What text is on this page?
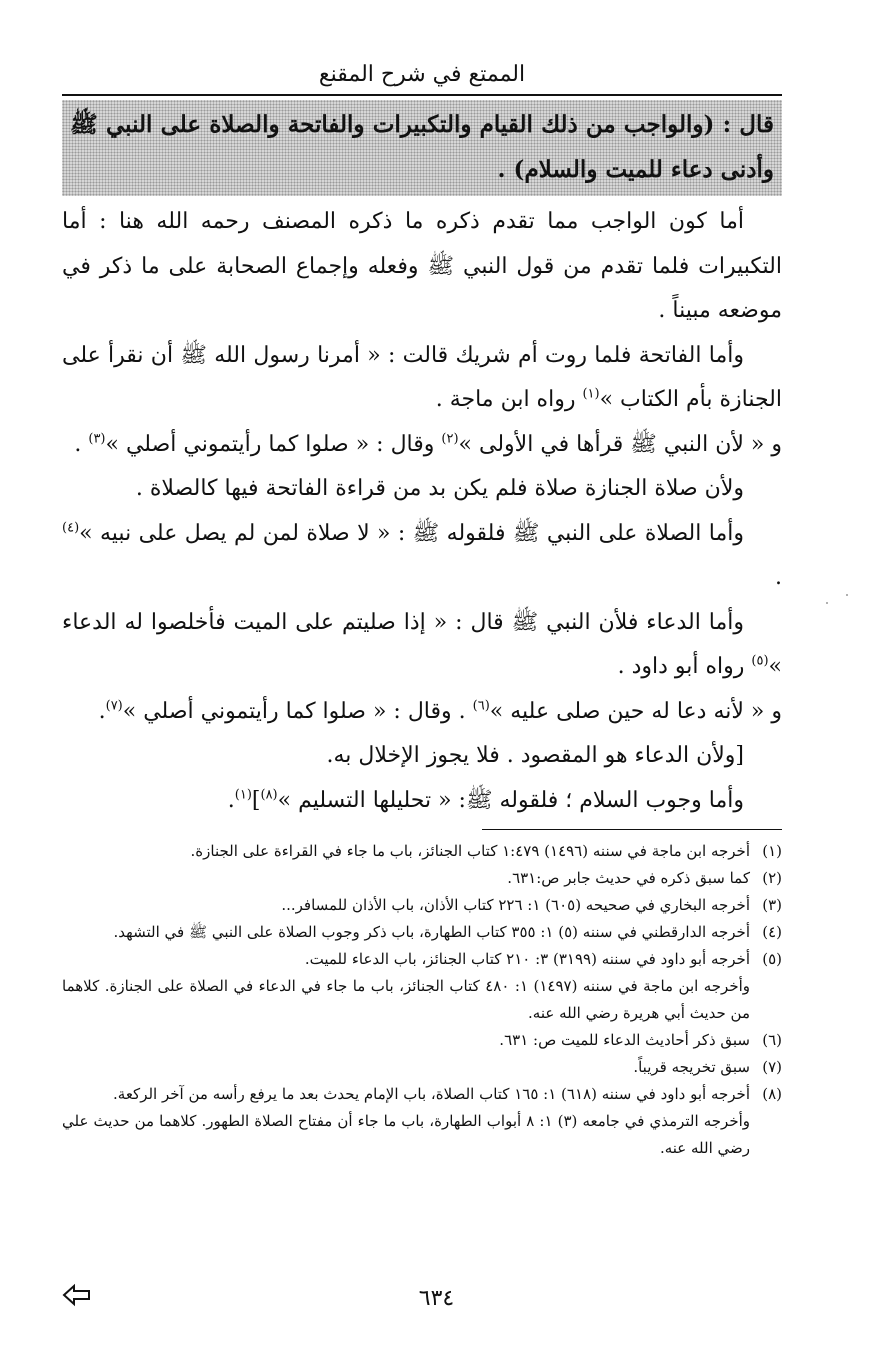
الممتع في شرح المقنع
قال : (والواجب من ذلك القيام والتكبيرات والفاتحة والصلاة على النبي ﷺ وأدنى دعاء للميت والسلام) .

أما كون الواجب مما تقدم ذكره ما ذكره المصنف رحمه الله هنا : أما التكبيرات فلما تقدم من قول النبي ﷺ وفعله وإجماع الصحابة على ما ذكر في موضعه مبيناً .

وأما الفاتحة فلما روت أم شريك قالت : « أمرنا رسول الله ﷺ أن نقرأ على الجنازة بأم الكتاب »$^{(١)}$ رواه ابن ماجة .

و « لأن النبي ﷺ قرأها في الأولى »$^{(٢)}$ وقال : « صلوا كما رأيتموني أصلي »$^{(٣)}$ .

ولأن صلاة الجنازة صلاة فلم يكن بد من قراءة الفاتحة فيها كالصلاة .

وأما الصلاة على النبي ﷺ فلقوله ﷺ : « لا صلاة لمن لم يصل على نبيه »$^{(٤)}$ .

وأما الدعاء فلأن النبي ﷺ قال : « إذا صليتم على الميت فأخلصوا له الدعاء »$^{(٥)}$ رواه أبو داود .

و « لأنه دعا له حين صلى عليه »$^{(٦)}$ . وقال : « صلوا كما رأيتموني أصلي »$^{(٧)}$.

[ولأن الدعاء هو المقصود . فلا يجوز الإخلال به.

وأما وجوب السلام ؛ فلقوله ﷺ: « تحليلها التسليم »$^{(٨)}$]$^{(١)}$.

(١)أخرجه ابن ماجة في سننه (١٤٩٦) ١:٤٧٩ كتاب الجنائز، باب ما جاء في القراءة على الجنازة.

(٢)كما سبق ذكره في حديث جابر ص:٦٣١.

(٣)أخرجه البخاري في صحيحه (٦٠٥) ١: ٢٢٦ كتاب الأذان، باب الأذان للمسافر...

(٤)أخرجه الدارقطني في سننه (٥) ١: ٣٥٥ كتاب الطهارة، باب ذكر وجوب الصلاة على النبي ﷺ في التشهد.

(٥)أخرجه أبو داود في سننه (٣١٩٩) ٣: ٢١٠ كتاب الجنائز، باب الدعاء للميت.

وأخرجه ابن ماجة في سننه (١٤٩٧) ١: ٤٨٠ كتاب الجنائز، باب ما جاء في الدعاء في الصلاة على الجنازة. كلاهما من حديث أبي هريرة رضي الله عنه.

(٦)سبق ذكر أحاديث الدعاء للميت ص: ٦٣١.

(٧)سبق تخريجه قريباً.

(٨)أخرجه أبو داود في سننه (٦١٨) ١: ١٦٥ كتاب الصلاة، باب الإمام يحدث بعد ما يرفع رأسه من آخر الركعة.

وأخرجه الترمذي في جامعه (٣) ١: ٨ أبواب الطهارة، باب ما جاء أن مفتاح الصلاة الطهور. كلاهما من حديث علي رضي الله عنه.

٦٣٤
